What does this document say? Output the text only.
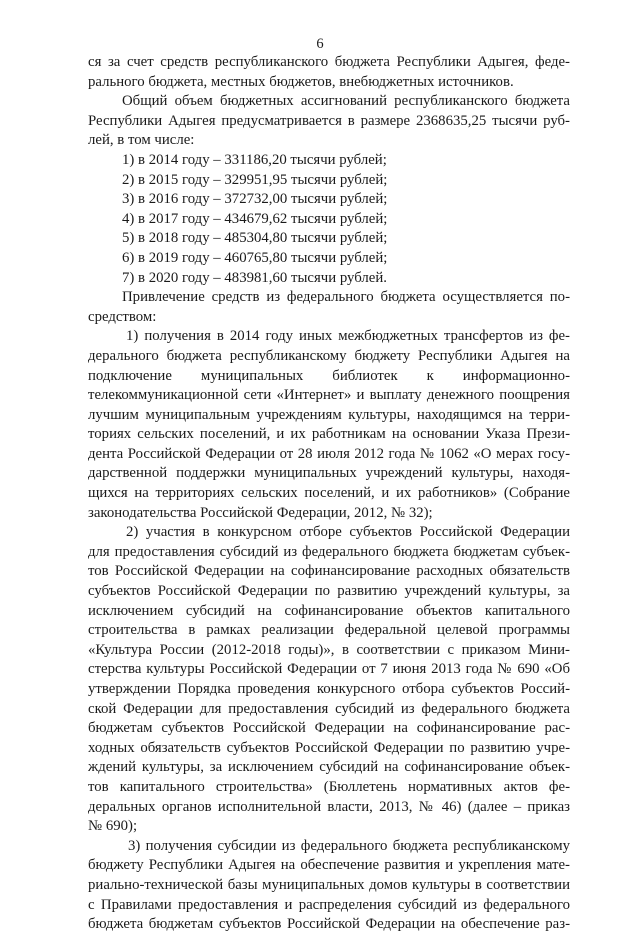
6
ся за счет средств республиканского бюджета Республики Адыгея, феде-
рального бюджета, местных бюджетов, внебюджетных источников.
Общий объем бюджетных ассигнований республиканского бюджета
Республики Адыгея предусматривается в размере 2368635,25 тысячи руб-
лей, в том числе:
1) в 2014 году – 331186,20 тысячи рублей;
2) в 2015 году – 329951,95 тысячи рублей;
3) в 2016 году – 372732,00 тысячи рублей;
4) в 2017 году – 434679,62 тысячи рублей;
5) в 2018 году – 485304,80 тысячи рублей;
6) в 2019 году – 460765,80 тысячи рублей;
7) в 2020 году – 483981,60 тысячи рублей.
Привлечение средств из федерального бюджета осуществляется по-
средством:
1) получения в 2014 году иных межбюджетных трансфертов из фе-
дерального бюджета республиканскому бюджету Республики Адыгея на
подключение муниципальных библиотек к информационно-
телекоммуникационной сети «Интернет» и выплату денежного поощрения
лучшим муниципальным учреждениям культуры, находящимся на терри-
ториях сельских поселений, и их работникам на основании Указа Прези-
дента Российской Федерации от 28 июля 2012 года № 1062 «О мерах госу-
дарственной поддержки муниципальных учреждений культуры, находя-
щихся на территориях сельских поселений, и их работников» (Собрание
законодательства Российской Федерации, 2012, № 32);
2) участия в конкурсном отборе субъектов Российской Федерации
для предоставления субсидий из федерального бюджета бюджетам субъек-
тов Российской Федерации на софинансирование расходных обязательств
субъектов Российской Федерации по развитию учреждений культуры, за
исключением субсидий на софинансирование объектов капитального
строительства в рамках реализации федеральной целевой программы
«Культура России (2012-2018 годы)», в соответствии с приказом Мини-
стерства культуры Российской Федерации от 7 июня 2013 года № 690 «Об
утверждении Порядка проведения конкурсного отбора субъектов Россий-
ской Федерации для предоставления субсидий из федерального бюджета
бюджетам субъектов Российской Федерации на софинансирование рас-
ходных обязательств субъектов Российской Федерации по развитию учре-
ждений культуры, за исключением субсидий на софинансирование объек-
тов капитального строительства» (Бюллетень нормативных актов фе-
деральных органов исполнительной власти, 2013, № 46) (далее – приказ
№ 690);
3) получения субсидии из федерального бюджета республиканскому
бюджету Республики Адыгея на обеспечение развития и укрепления мате-
риально-технической базы муниципальных домов культуры в соответствии
с Правилами предоставления и распределения субсидий из федерального
бюджета бюджетам субъектов Российской Федерации на обеспечение раз-
